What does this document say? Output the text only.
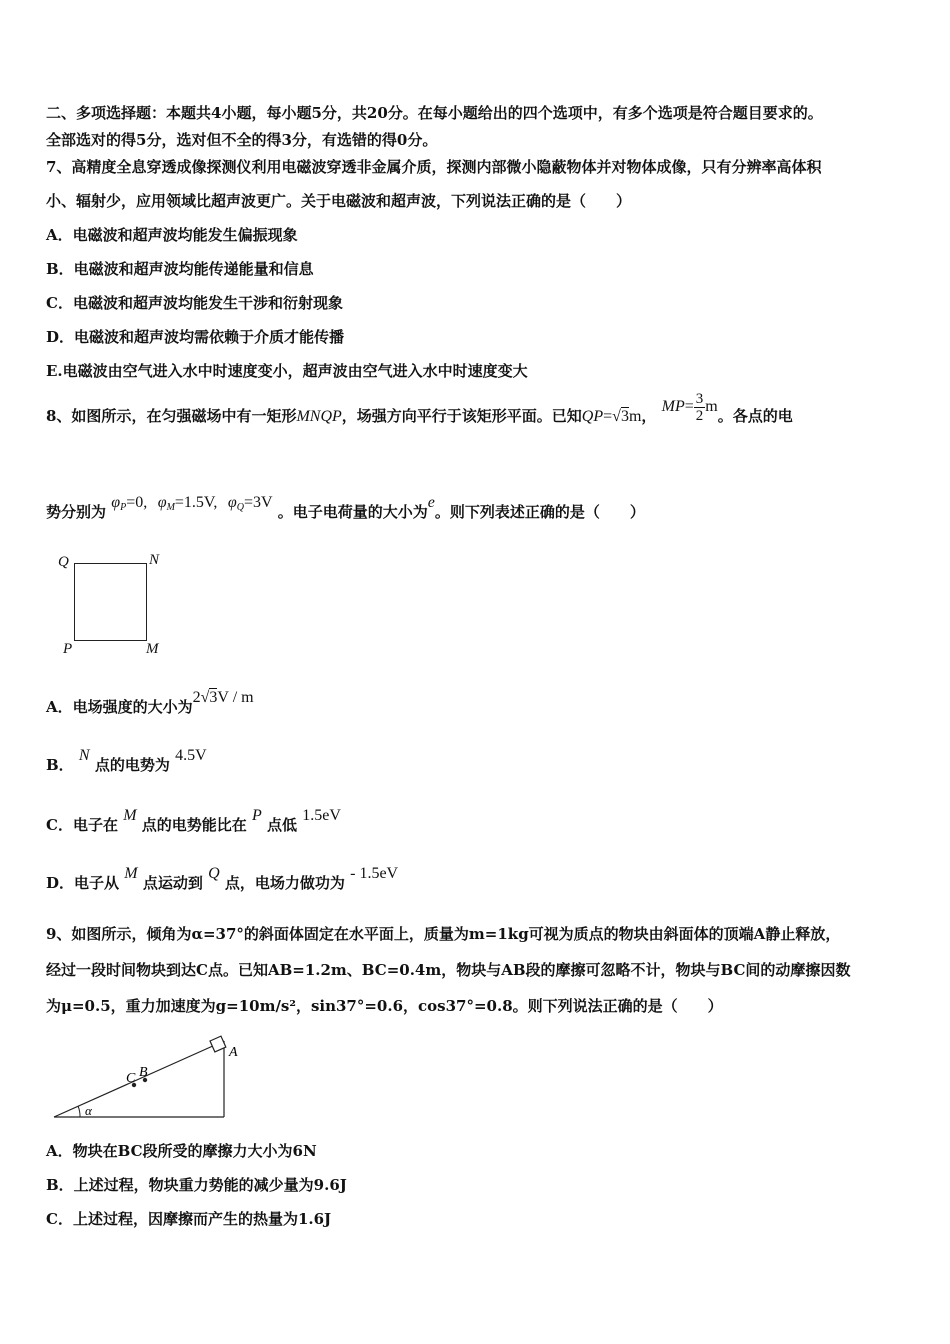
二、多项选择题：本题共4小题，每小题5分，共20分。在每小题给出的四个选项中，有多个选项是符合题目要求的。
全部选对的得5分，选对但不全的得3分，有选错的得0分。
7、高精度全息穿透成像探测仪利用电磁波穿透非金属介质，探测内部微小隐蔽物体并对物体成像，只有分辨率高体积
小、辐射少，应用领域比超声波更广。关于电磁波和超声波，下列说法正确的是（　　）
A．电磁波和超声波均能发生偏振现象
B．电磁波和超声波均能传递能量和信息
C．电磁波和超声波均能发生干涉和衍射现象
D．电磁波和超声波均需依赖于介质才能传播
E.电磁波由空气进入水中时速度变小，超声波由空气进入水中时速度变大
8、如图所示，在匀强磁场中有一矩形MNQP，场强方向平行于该矩形平面。已知QP=√3m， $MP= \frac{3}{2}$ m。各点的电
势分别为 $\varphi_P=0$, $\varphi_M=1.5V$, $\varphi_Q=3V$ 。电子电荷量的大小为e。则下列表述正确的是（　　）
Q	N
P	M
A．电场强度的大小为2√3V / m
B． N 点的电势为 4.5V
C．电子在 M 点的电势能比在 P 点低 1.5eV
D．电子从 M 点运动到 Q 点，电场力做功为 - 1.5eV
9、如图所示，倾角为α=37°的斜面体固定在水平面上，质量为m=1kg可视为质点的物块由斜面体的顶端A静止释放，
经过一段时间物块到达C点。已知AB=1.2m、BC=0.4m，物块与AB段的摩擦可忽略不计，物块与BC间的动摩擦因数
为μ=0.5，重力加速度为g=10m/s²，sin37°=0.6，cos37°=0.8。则下列说法正确的是（　　）
A
B
C
α
A．物块在BC段所受的摩擦力大小为6N
B．上述过程，物块重力势能的减少量为9.6J
C．上述过程，因摩擦而产生的热量为1.6J
